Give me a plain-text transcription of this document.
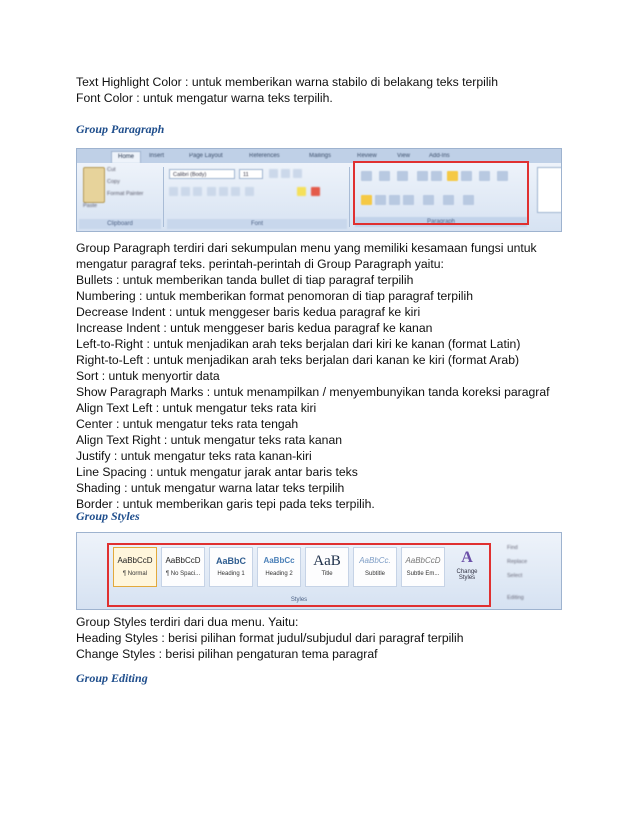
Text Highlight Color : untuk memberikan warna stabilo di belakang teks terpilih
Font Color : untuk mengatur warna teks terpilih.
Group Paragraph
Home	Insert	Page Layout	References	Mailings	Review	View	Add-Ins
Paste
Cut
Copy
Format Painter
Clipboard
Calibri (Body)	11
Font	Paragraph
Group Paragraph terdiri dari sekumpulan menu yang memiliki kesamaan fungsi untuk
mengatur paragraf teks. perintah-perintah di Group Paragraph yaitu:
Bullets : untuk memberikan tanda bullet di tiap paragraf terpilih
Numbering : untuk memberikan format penomoran di tiap paragraf terpilih
Decrease Indent : untuk menggeser baris kedua paragraf ke kiri
Increase Indent : untuk menggeser baris kedua paragraf ke kanan
Left-to-Right : untuk menjadikan arah teks berjalan dari kiri ke kanan (format Latin)
Right-to-Left : untuk menjadikan arah teks berjalan dari kanan ke kiri (format Arab)
Sort : untuk menyortir data
Show Paragraph Marks : untuk menampilkan / menyembunyikan tanda koreksi paragraf
Align Text Left : untuk mengatur teks rata kiri
Center : untuk mengatur teks rata tengah
Align Text Right : untuk mengatur teks rata kanan
Justify : untuk mengatur teks rata kanan-kiri
Line Spacing : untuk mengatur jarak antar baris teks
Shading : untuk mengatur warna latar teks terpilih
Border : untuk memberikan garis tepi pada teks terpilih.
Group Styles
AaBbCcD
¶ Normal
AaBbCcD
¶ No Spaci...
AaBbC
Heading 1
AaBbCc
Heading 2
AaB
Title
AaBbCc.
Subtitle
AaBbCcD
Subtle Em...
A
Change Styles
Styles
Find
Replace
Select
Editing
Group Styles terdiri dari dua menu. Yaitu:
Heading Styles : berisi pilihan format judul/subjudul dari paragraf terpilih
Change Styles : berisi pilihan pengaturan tema paragraf
Group Editing
